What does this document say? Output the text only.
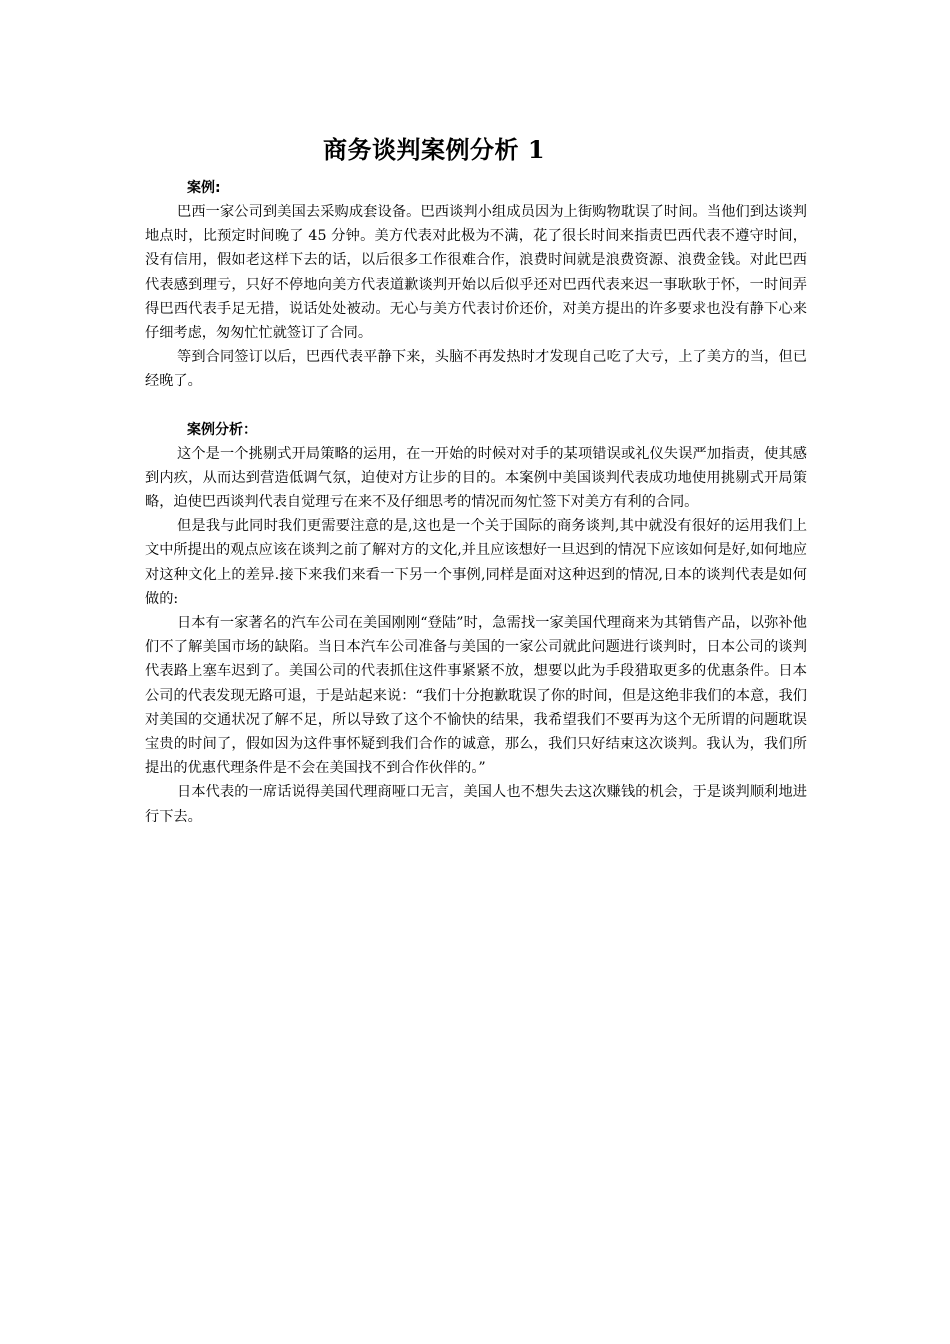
商务谈判案例分析 1

案例:

巴西一家公司到美国去采购成套设备。巴西谈判小组成员因为上街购物耽误了时间。当他们到达谈判地点时，比预定时间晚了 45 分钟。美方代表对此极为不满，花了很长时间来指责巴西代表不遵守时间，没有信用，假如老这样下去的话，以后很多工作很难合作，浪费时间就是浪费资源、浪费金钱。对此巴西代表感到理亏，只好不停地向美方代表道歉谈判开始以后似乎还对巴西代表来迟一事耿耿于怀，一时间弄得巴西代表手足无措，说话处处被动。无心与美方代表讨价还价，对美方提出的许多要求也没有静下心来仔细考虑，匆匆忙忙就签订了合同。

等到合同签订以后，巴西代表平静下来，头脑不再发热时才发现自己吃了大亏，上了美方的当，但已经晚了。

案例分析：

这个是一个挑剔式开局策略的运用，在一开始的时候对对手的某项错误或礼仪失误严加指责，使其感到内疚，从而达到营造低调气氛，迫使对方让步的目的。本案例中美国谈判代表成功地使用挑剔式开局策略，迫使巴西谈判代表自觉理亏在来不及仔细思考的情况而匆忙签下对美方有利的合同。

但是我与此同时我们更需要注意的是,这也是一个关于国际的商务谈判,其中就没有很好的运用我们上文中所提出的观点应该在谈判之前了解对方的文化,并且应该想好一旦迟到的情况下应该如何是好,如何地应对这种文化上的差异.接下来我们来看一下另一个事例,同样是面对这种迟到的情况,日本的谈判代表是如何做的:

日本有一家著名的汽车公司在美国刚刚“登陆”时，急需找一家美国代理商来为其销售产品，以弥补他们不了解美国市场的缺陷。当日本汽车公司准备与美国的一家公司就此问题进行谈判时，日本公司的谈判代表路上塞车迟到了。美国公司的代表抓住这件事紧紧不放，想要以此为手段猎取更多的优惠条件。日本公司的代表发现无路可退，于是站起来说：“我们十分抱歉耽误了你的时间，但是这绝非我们的本意，我们对美国的交通状况了解不足，所以导致了这个不愉快的结果，我希望我们不要再为这个无所谓的问题耽误宝贵的时间了，假如因为这件事怀疑到我们合作的诚意，那么，我们只好结束这次谈判。我认为，我们所提出的优惠代理条件是不会在美国找不到合作伙伴的。”

日本代表的一席话说得美国代理商哑口无言，美国人也不想失去这次赚钱的机会，于是谈判顺利地进行下去。
